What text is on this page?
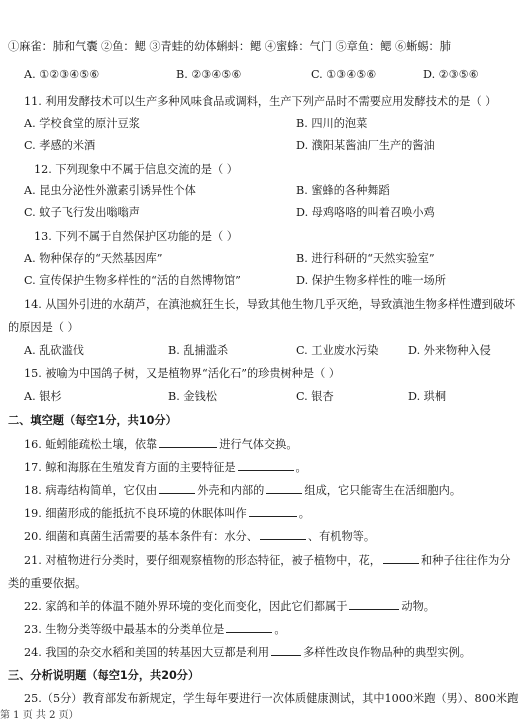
①麻雀：肺和气囊 ②鱼：鳃 ③青蛙的幼体蝌蚪：鳃 ④蜜蜂：气门 ⑤章鱼：鳃 ⑥蜥蜴：肺
A. ①②③④⑤⑥	B. ②③④⑤⑥	C. ①③④⑤⑥	D. ②③⑤⑥
11. 利用发酵技术可以生产多种风味食品或调料，生产下列产品时不需要应用发酵技术的是（ ）
A. 学校食堂的原汁豆浆	B. 四川的泡菜
C. 孝感的米酒	D. 濮阳某酱油厂生产的酱油
12. 下列现象中不属于信息交流的是（ ）
A. 昆虫分泌性外激素引诱异性个体	B. 蜜蜂的各种舞蹈
C. 蚊子飞行发出嗡嗡声	D. 母鸡咯咯的叫着召唤小鸡
13. 下列不属于自然保护区功能的是（ ）
A. 物种保存的“天然基因库”	B. 进行科研的“天然实验室”
C. 宣传保护生物多样性的“活的自然博物馆”	D. 保护生物多样性的唯一场所
14. 从国外引进的水葫芦，在滇池疯狂生长，导致其他生物几乎灭绝，导致滇池生物多样性遭到破坏
的原因是（ ）
A. 乱砍滥伐	B. 乱捕滥杀	C. 工业废水污染	D. 外来物种入侵
15. 被喻为中国鸽子树，又是植物界“活化石”的珍贵树种是（ ）
A. 银杉	B. 金钱松	C. 银杏	D. 珙桐
二、填空题（每空1分，共10分）
16. 蚯蚓能疏松土壤，依靠	进行气体交换。
17. 鲸和海豚在生殖发育方面的主要特征是	。
18. 病毒结构简单，它仅由	外壳和内部的	组成，它只能寄生在活细胞内。
19. 细菌形成的能抵抗不良环境的休眠体叫作	。
20. 细菌和真菌生活需要的基本条件有：水分、	、有机物等。
21. 对植物进行分类时，要仔细观察植物的形态特征，被子植物中，花，	和种子往往作为分
类的重要依据。
22. 家鸽和羊的体温不随外界环境的变化而变化，因此它们都属于	动物。
23. 生物分类等级中最基本的分类单位是	。
24. 我国的杂交水稻和美国的转基因大豆都是利用	多样性改良作物品种的典型实例。
三、分析说明题（每空1分，共20分）
25.（5分）教育部发布新规定，学生每年要进行一次体质健康测试，其中1000米跑（男）、800米跑
第 1 页 共 2 页）
